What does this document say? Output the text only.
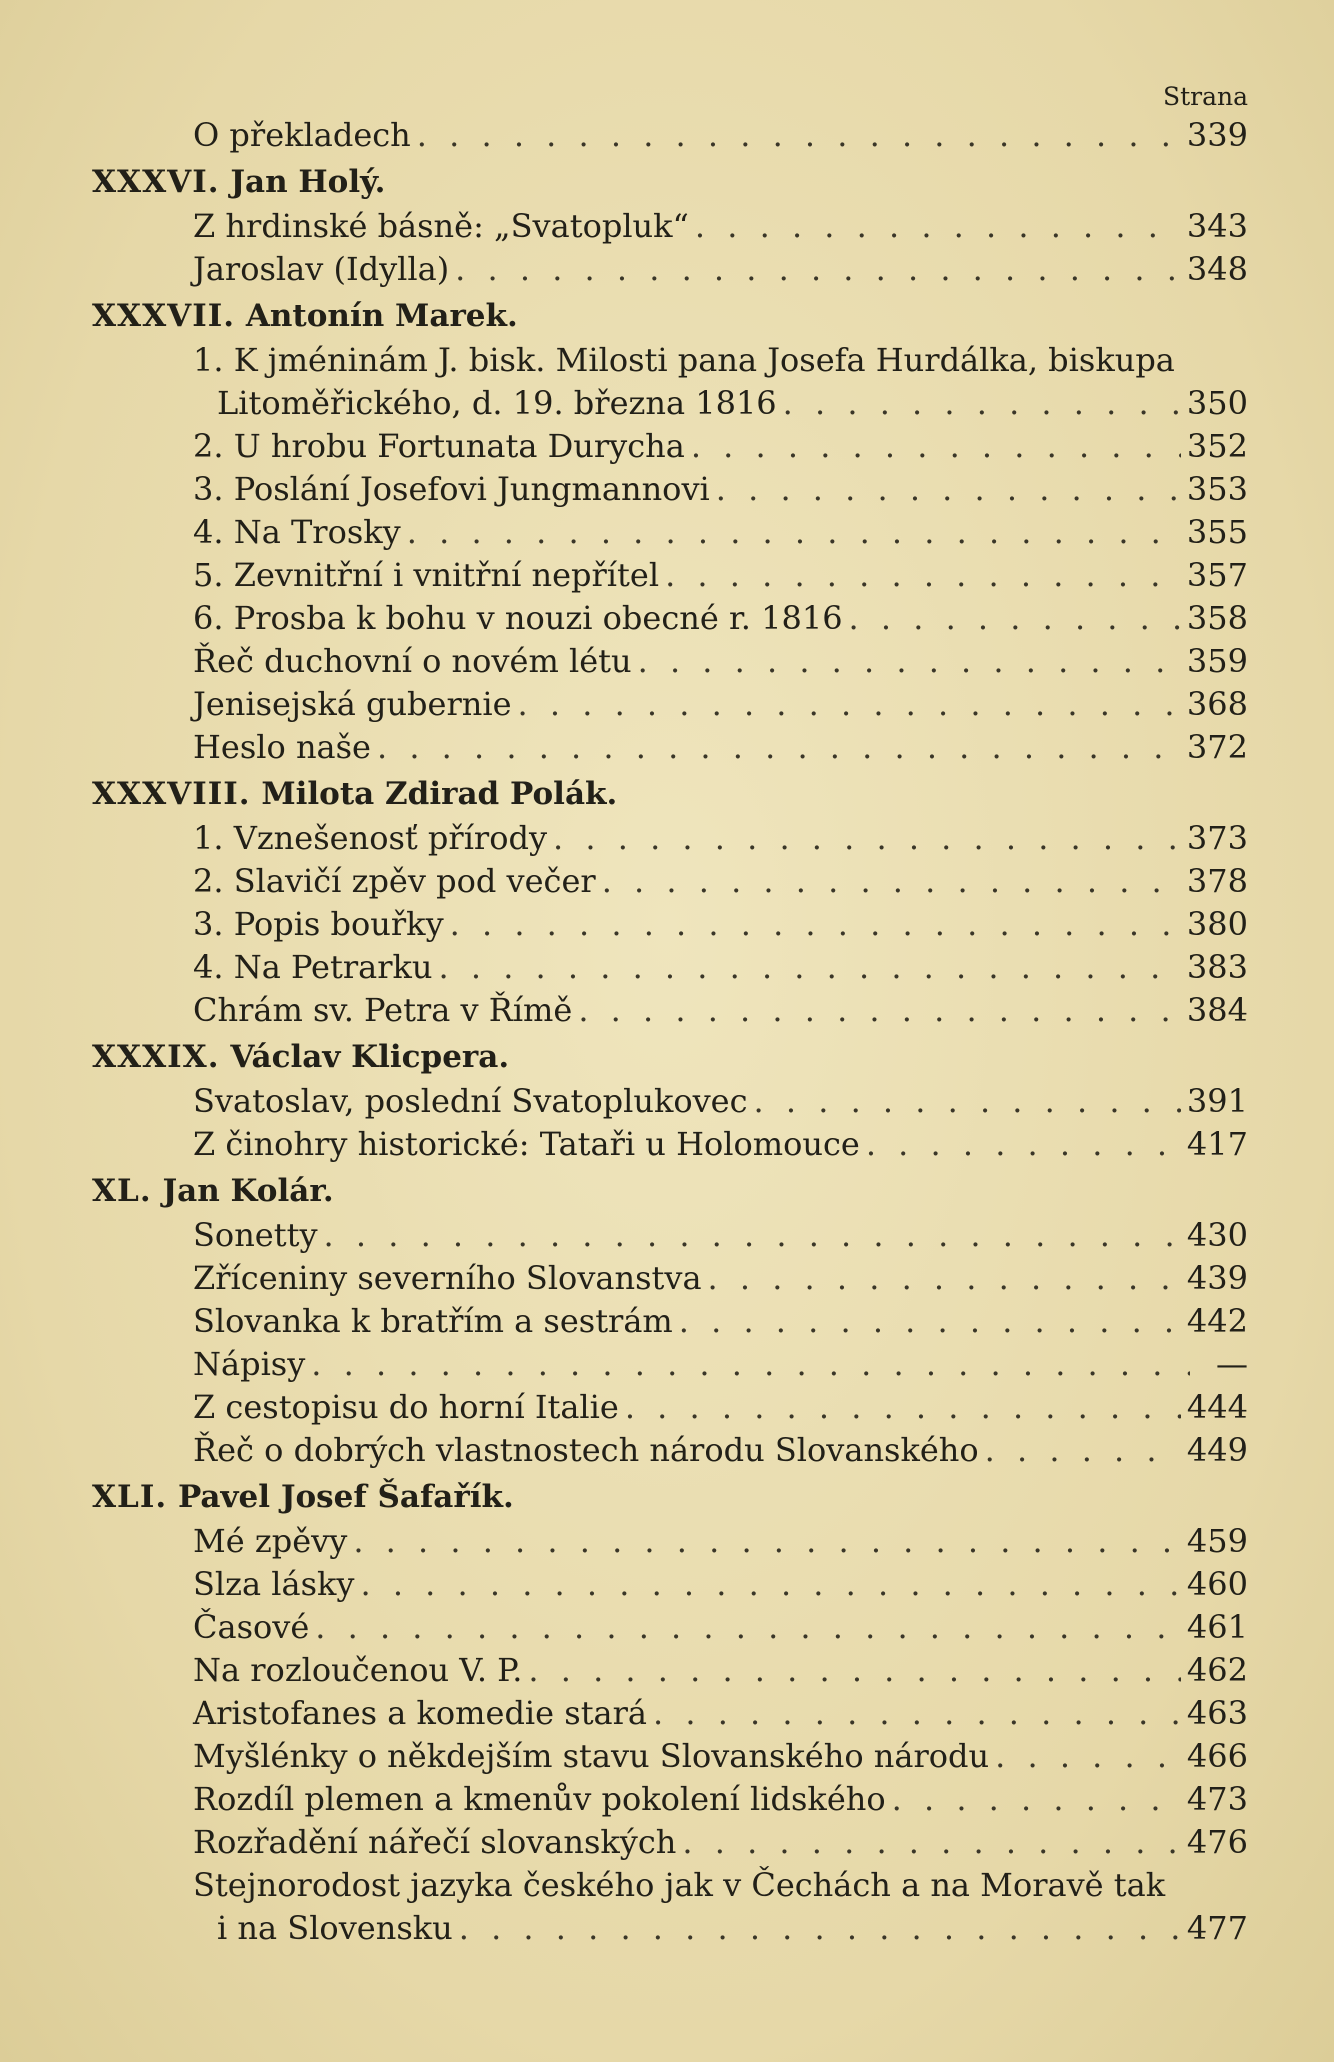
Strana
O překladech . . .	339
XXXVI. Jan Holý.
Z hrdinské básně: „Svatopluk“ . . .	343
Jaroslav (Idylla) . . .	348
XXXVII. Antonín Marek.
1. K jméninám J. bisk. Milosti pana Josefa Hurdálka, biskupa
Litoměřického, d. 19. března 1816 . . .	350
2. U hrobu Fortunata Durycha . . .	352
3. Poslání Josefovi Jungmannovi . . .	353
4. Na Trosky . . .	355
5. Zevnitřní i vnitřní nepřítel . . .	357
6. Prosba k bohu v nouzi obecné r. 1816 . . .	358
Řeč duchovní o novém létu . . .	359
Jenisejská gubernie . . .	368
Heslo naše . . .	372
XXXVIII. Milota Zdirad Polák.
1. Vznešenosť přírody . . .	373
2. Slavičí zpěv pod večer . . .	378
3. Popis bouřky . . .	380
4. Na Petrarku . . .	383
Chrám sv. Petra v Římě . . .	384
XXXIX. Václav Klicpera.
Svatoslav, poslední Svatoplukovec . . .	391
Z činohry historické: Tataři u Holomouce . . .	417
XL. Jan Kolár.
Sonetty . . .	430
Zříceniny severního Slovanstva . . .	439
Slovanka k bratřím a sestrám . . .	442
Nápisy . . .	—
Z cestopisu do horní Italie . . .	444
Řeč o dobrých vlastnostech národu Slovanského . . .	449
XLI. Pavel Josef Šafařík.
Mé zpěvy . . .	459
Slza lásky . . .	460
Časové . . .	461
Na rozloučenou V. P. . . .	462
Aristofanes a komedie stará . . .	463
Myšlénky o někdejším stavu Slovanského národu . . .	466
Rozdíl plemen a kmenův pokolení lidského . . .	473
Rozřadění nářečí slovanských . . .	476
Stejnorodost jazyka českého jak v Čechách a na Moravě tak
i na Slovensku . . .	477
